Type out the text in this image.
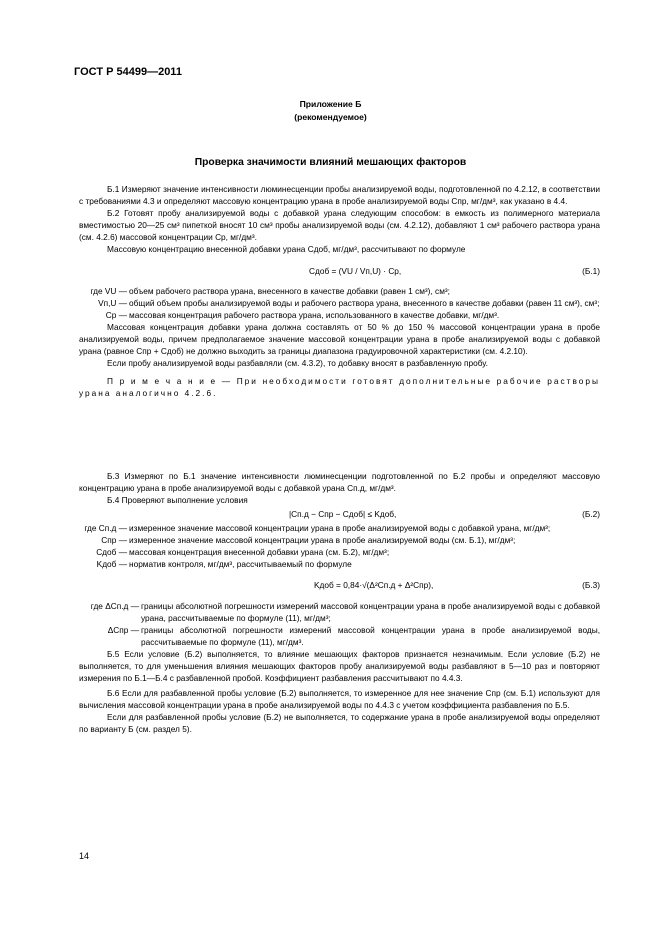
ГОСТ Р 54499—2011
Приложение Б
(рекомендуемое)
Проверка значимости влияний мешающих факторов

Б.1 Измеряют значение интенсивности люминесценции пробы анализируемой воды, подготовленной по 4.2.12, в соответствии с требованиями 4.3 и определяют массовую концентрацию урана в пробе анализируемой воды Cпр, мг/дм³, как указано в 4.4.

Б.2 Готовят пробу анализируемой воды с добавкой урана следующим способом: в емкость из полимерного материала вместимостью 20—25 см³ пипеткой вносят 10 см³ пробы анализируемой воды (см. 4.2.12), добавляют 1 см³ рабочего раствора урана (см. 4.2.6) массовой концентрации Cр, мг/дм³.

Массовую концентрацию внесенной добавки урана Cдоб, мг/дм³, рассчитывают по формуле

Cдоб = (VU / Vп,U) · Cр,	(Б.1)
где VU — объем рабочего раствора урана, внесенного в качестве добавки (равен 1 см³), см³;
Vп,U — общий объем пробы анализируемой воды и рабочего раствора урана, внесенного в качестве добавки (равен 11 см³), см³;
Cр — массовая концентрация рабочего раствора урана, использованного в качестве добавки, мг/дм³.

Массовая концентрация добавки урана должна составлять от 50 % до 150 % массовой концентрации урана в пробе анализируемой воды, причем предполагаемое значение массовой концентрации урана в пробе анализируемой воды с добавкой урана (равное Cпр + Cдоб) не должно выходить за границы диапазона градуировочной характеристики (см. 4.2.10).

Если пробу анализируемой воды разбавляли (см. 4.3.2), то добавку вносят в разбавленную пробу.

П р и м е ч а н и е — При необходимости готовят дополнительные рабочие растворы урана аналогично 4.2.6.

Б.3 Измеряют по Б.1 значение интенсивности люминесценции подготовленной по Б.2 пробы и определяют массовую концентрацию урана в пробе анализируемой воды с добавкой урана Cп.д, мг/дм³.

Б.4 Проверяют выполнение условия

|Cп.д − Cпр − Cдоб| ≤ Kдоб,	(Б.2)
где Cп.д — измеренное значение массовой концентрации урана в пробе анализируемой воды с добавкой урана, мг/дм³;
Cпр — измеренное значение массовой концентрации урана в пробе анализируемой воды (см. Б.1), мг/дм³;
Cдоб — массовая концентрация внесенной добавки урана (см. Б.2), мг/дм³;
Kдоб — норматив контроля, мг/дм³, рассчитываемый по формуле
Kдоб = 0,84·√(Δ²Cп.д + Δ²Cпр),	(Б.3)
где ΔCп.д — границы абсолютной погрешности измерений массовой концентрации урана в пробе анализируемой воды с добавкой урана, рассчитываемые по формуле (11), мг/дм³;
ΔCпр — границы абсолютной погрешности измерений массовой концентрации урана в пробе анализируемой воды, рассчитываемые по формуле (11), мг/дм³.

Б.5 Если условие (Б.2) выполняется, то влияние мешающих факторов признается незначимым. Если условие (Б.2) не выполняется, то для уменьшения влияния мешающих факторов пробу анализируемой воды разбавляют в 5—10 раз и повторяют измерения по Б.1—Б.4 с разбавленной пробой. Коэффициент разбавления рассчитывают по 4.4.3.

Б.6 Если для разбавленной пробы условие (Б.2) выполняется, то измеренное для нее значение Cпр (см. Б.1) используют для вычисления массовой концентрации урана в пробе анализируемой воды по 4.4.3 с учетом коэффициента разбавления по Б.5.

Если для разбавленной пробы условие (Б.2) не выполняется, то содержание урана в пробе анализируемой воды определяют по варианту Б (см. раздел 5).

14
